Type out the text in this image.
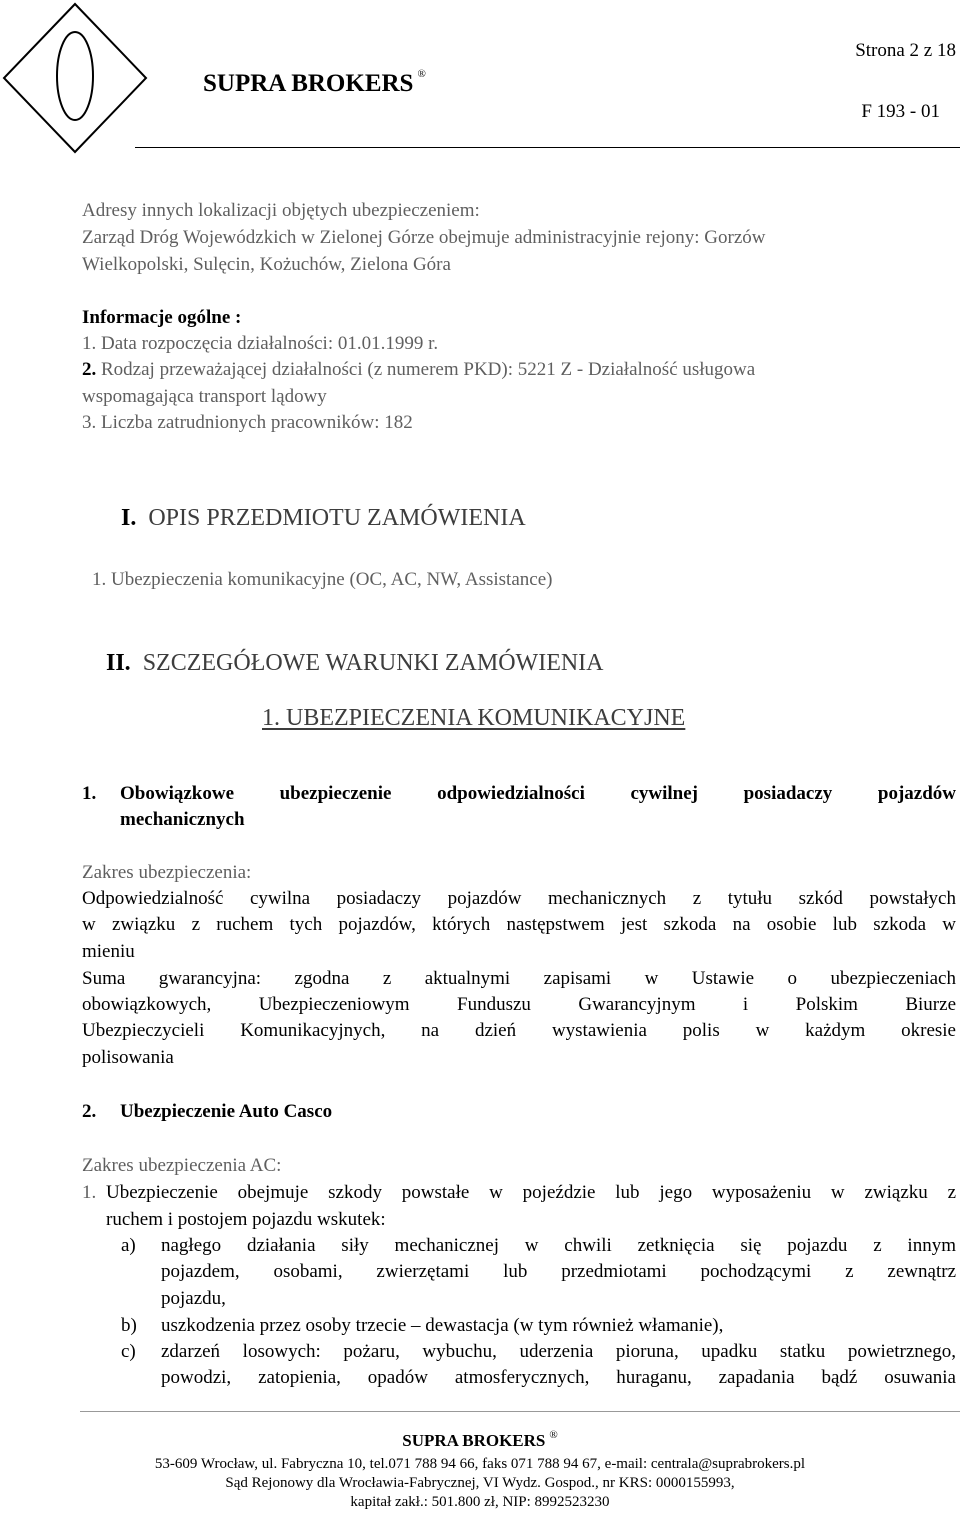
SUPRA BROKERS ®
Strona 2 z 18
F 193 - 01
Adresy innych lokalizacji objętych ubezpieczeniem:
Zarząd Dróg Wojewódzkich w Zielonej Górze obejmuje administracyjnie rejony: Gorzów
Wielkopolski, Sulęcin, Kożuchów, Zielona Góra
Informacje ogólne :
1. Data rozpoczęcia działalności: 01.01.1999 r.
2. Rodzaj przeważającej działalności (z numerem PKD): 5221 Z - Działalność usługowa
wspomagająca transport lądowy
3. Liczba zatrudnionych pracowników: 182
I. OPIS PRZEDMIOTU ZAMÓWIENIA
1. Ubezpieczenia komunikacyjne (OC, AC, NW, Assistance)
II. SZCZEGÓŁOWE WARUNKI ZAMÓWIENIA
1. UBEZPIECZENIA KOMUNIKACYJNE
1. Obowiązkowe ubezpieczenie odpowiedzialności cywilnej posiadaczy pojazdów
mechanicznych
Zakres ubezpieczenia:
Odpowiedzialność cywilna posiadaczy pojazdów mechanicznych z tytułu szkód powstałych
w związku z ruchem tych pojazdów, których następstwem jest szkoda na osobie lub szkoda w
mieniu
Suma gwarancyjna: zgodna z aktualnymi zapisami w Ustawie o ubezpieczeniach
obowiązkowych, Ubezpieczeniowym Funduszu Gwarancyjnym i Polskim Biurze
Ubezpieczycieli Komunikacyjnych, na dzień wystawienia polis w każdym okresie
polisowania
2. Ubezpieczenie Auto Casco
Zakres ubezpieczenia AC:
1. Ubezpieczenie obejmuje szkody powstałe w pojeździe lub jego wyposażeniu w związku z
ruchem i postojem pojazdu wskutek:
a) nagłego działania siły mechanicznej w chwili zetknięcia się pojazdu z innym
pojazdem, osobami, zwierzętami lub przedmiotami pochodzącymi z zewnątrz
pojazdu,
b) uszkodzenia przez osoby trzecie – dewastacja (w tym również włamanie),
c) zdarzeń losowych: pożaru, wybuchu, uderzenia pioruna, upadku statku powietrznego,
powodzi, zatopienia, opadów atmosferycznych, huraganu, zapadania bądź osuwania
SUPRA BROKERS ®
53-609 Wrocław, ul. Fabryczna 10, tel.071 788 94 66, faks 071 788 94 67, e-mail: centrala@suprabrokers.pl
Sąd Rejonowy dla Wrocławia-Fabrycznej, VI Wydz. Gospod., nr KRS: 0000155993,
kapitał zakł.: 501.800 zł, NIP: 8992523230
